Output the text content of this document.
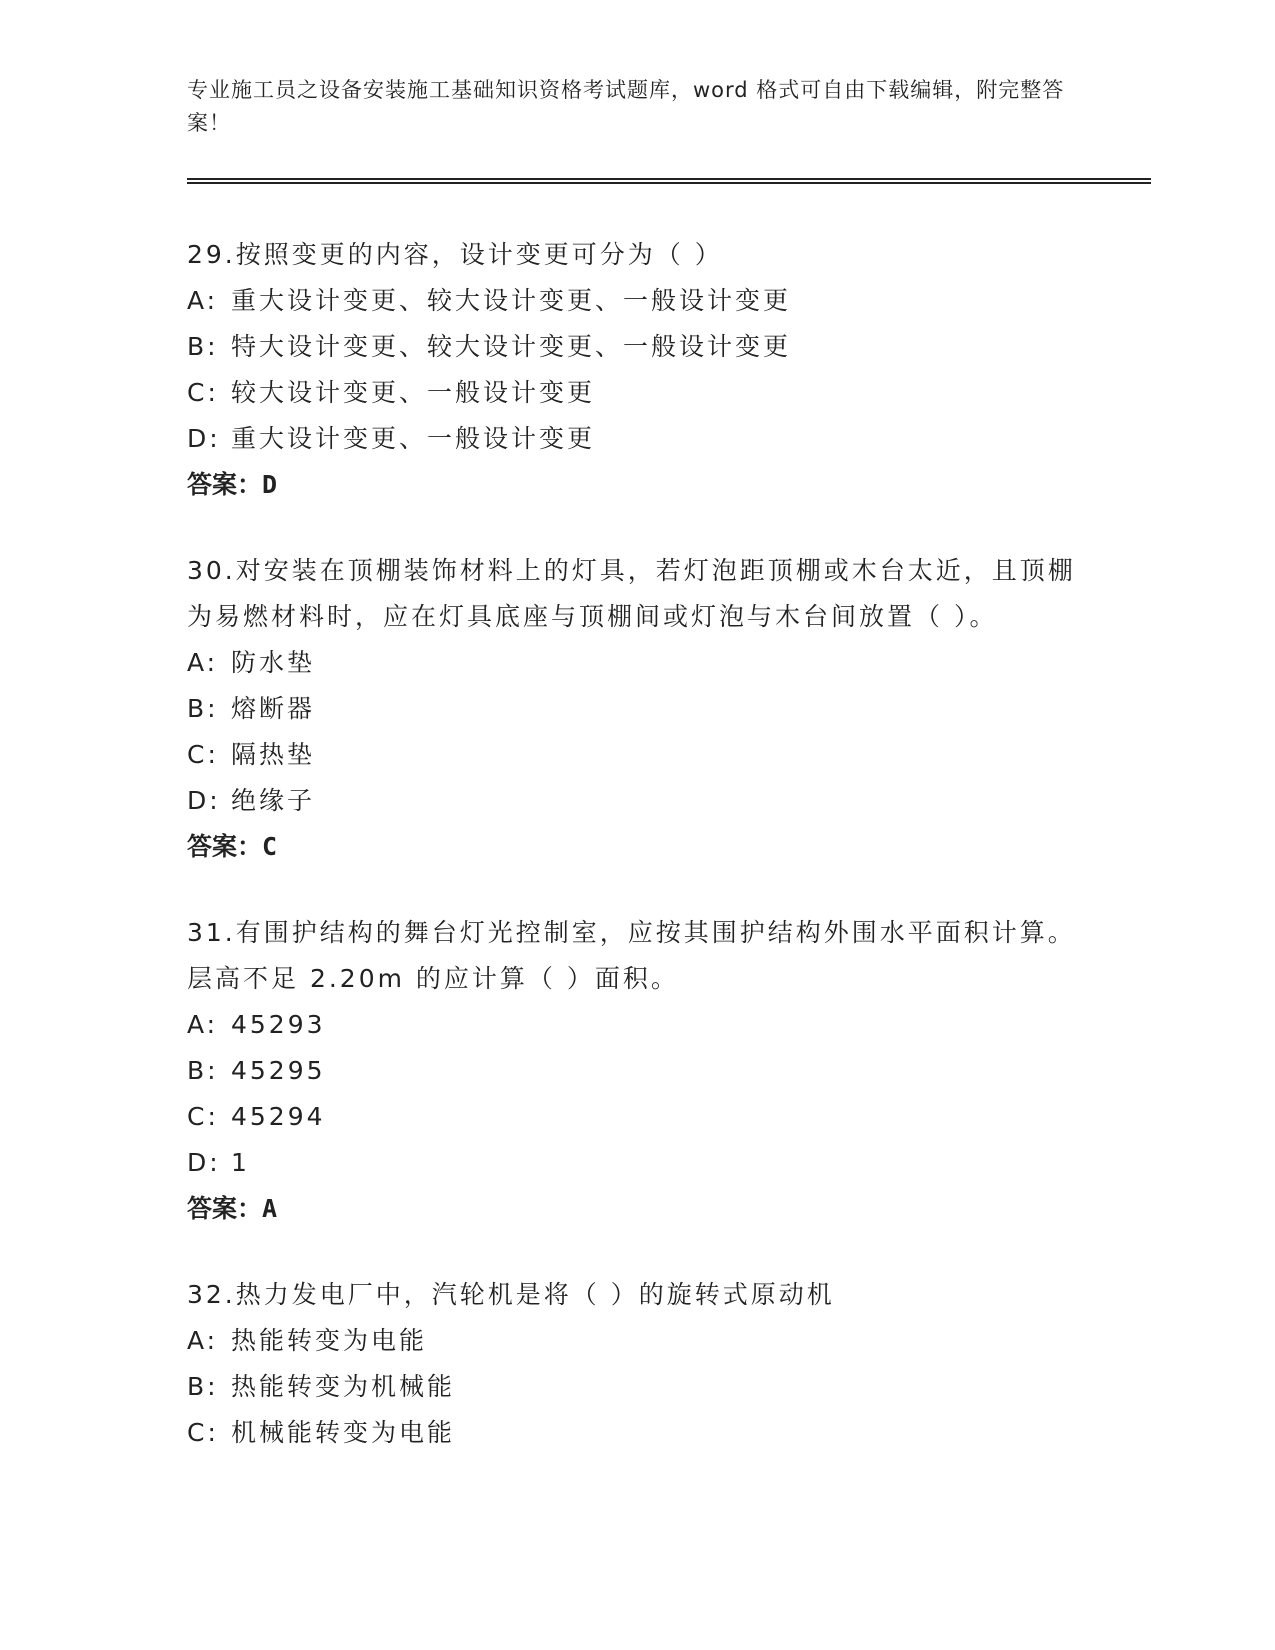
专业施工员之设备安装施工基础知识资格考试题库，word 格式可自由下载编辑，附完整答案！
29.按照变更的内容，设计变更可分为（ ）
A: 重大设计变更、较大设计变更、一般设计变更
B: 特大设计变更、较大设计变更、一般设计变更
C: 较大设计变更、一般设计变更
D: 重大设计变更、一般设计变更
答案：D
30.对安装在顶棚装饰材料上的灯具，若灯泡距顶棚或木台太近，且顶棚为易燃材料时，应在灯具底座与顶棚间或灯泡与木台间放置（ ）。
A: 防水垫
B: 熔断器
C: 隔热垫
D: 绝缘子
答案：C
31.有围护结构的舞台灯光控制室，应按其围护结构外围水平面积计算。层高不足 2.20m 的应计算（ ）面积。
A: 45293
B: 45295
C: 45294
D: 1
答案：A
32.热力发电厂中，汽轮机是将（ ）的旋转式原动机
A: 热能转变为电能
B: 热能转变为机械能
C: 机械能转变为电能
